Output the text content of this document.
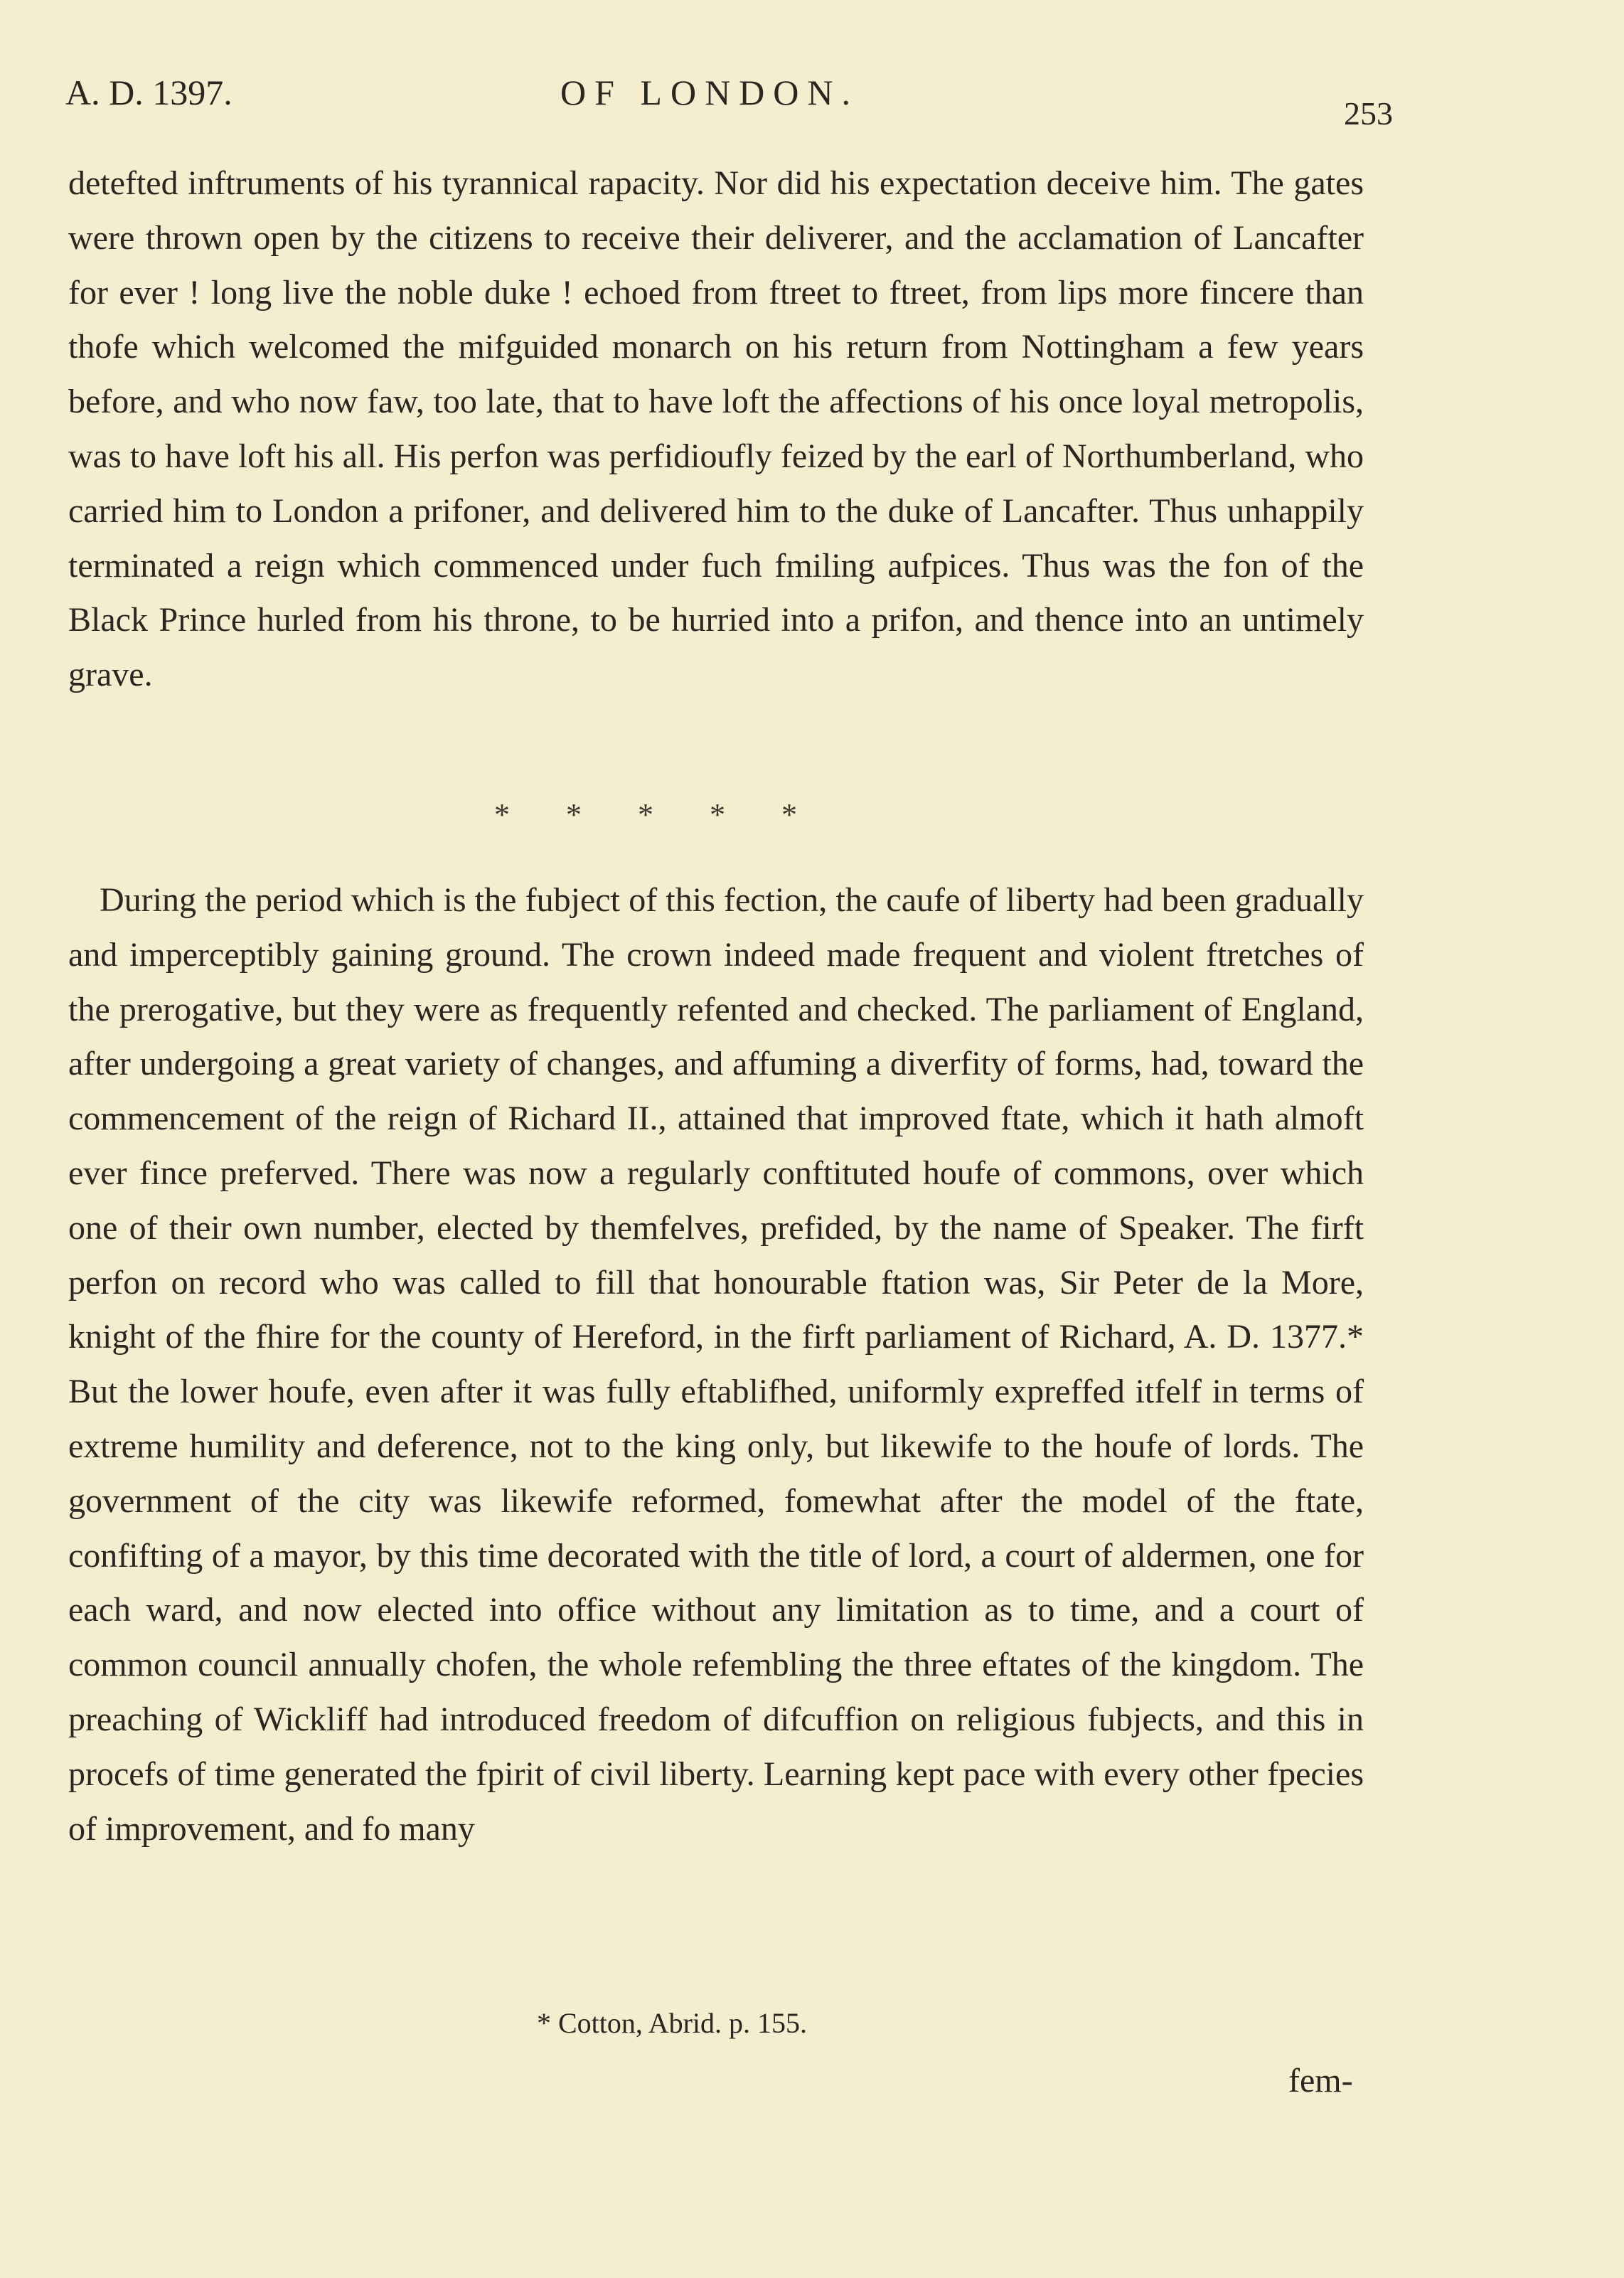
A. D. 1397.	OF LONDON.
253

detefted inftruments of his tyrannical rapacity. Nor did his expectation deceive him. The gates were thrown open by the citizens to receive their deliverer, and the acclamation of Lancafter for ever ! long live the noble duke ! echoed from ftreet to ftreet, from lips more fincere than thofe which welcomed the mifguided monarch on his return from Nottingham a few years before, and who now faw, too late, that to have loft the affections of his once loyal metropolis, was to have loft his all. His perfon was perfidioufly feized by the earl of Northumberland, who carried him to London a prifoner, and delivered him to the duke of Lancafter. Thus unhappily terminated a reign which commenced under fuch fmiling aufpices. Thus was the fon of the Black Prince hurled from his throne, to be hurried into a prifon, and thence into an untimely grave.

* * * * *

During the period which is the fubject of this fection, the caufe of liberty had been gradually and imperceptibly gaining ground. The crown indeed made frequent and violent ftretches of the prerogative, but they were as frequently refented and checked. The parliament of England, after undergoing a great variety of changes, and affuming a diverfity of forms, had, toward the commencement of the reign of Richard II., attained that improved ftate, which it hath almoft ever fince preferved. There was now a regularly conftituted houfe of commons, over which one of their own number, elected by themfelves, prefided, by the name of Speaker. The firft perfon on record who was called to fill that honourable ftation was, Sir Peter de la More, knight of the fhire for the county of Hereford, in the firft parliament of Richard, A. D. 1377.* But the lower houfe, even after it was fully eftablifhed, uniformly expreffed itfelf in terms of extreme humility and deference, not to the king only, but likewife to the houfe of lords. The government of the city was likewife reformed, fomewhat after the model of the ftate, confifting of a mayor, by this time decorated with the title of lord, a court of aldermen, one for each ward, and now elected into office without any limitation as to time, and a court of common council annually chofen, the whole refembling the three eftates of the kingdom. The preaching of Wickliff had introduced freedom of difcuffion on religious fubjects, and this in procefs of time generated the fpirit of civil liberty. Learning kept pace with every other fpecies of improvement, and fo many

* Cotton, Abrid. p. 155.
fem-
